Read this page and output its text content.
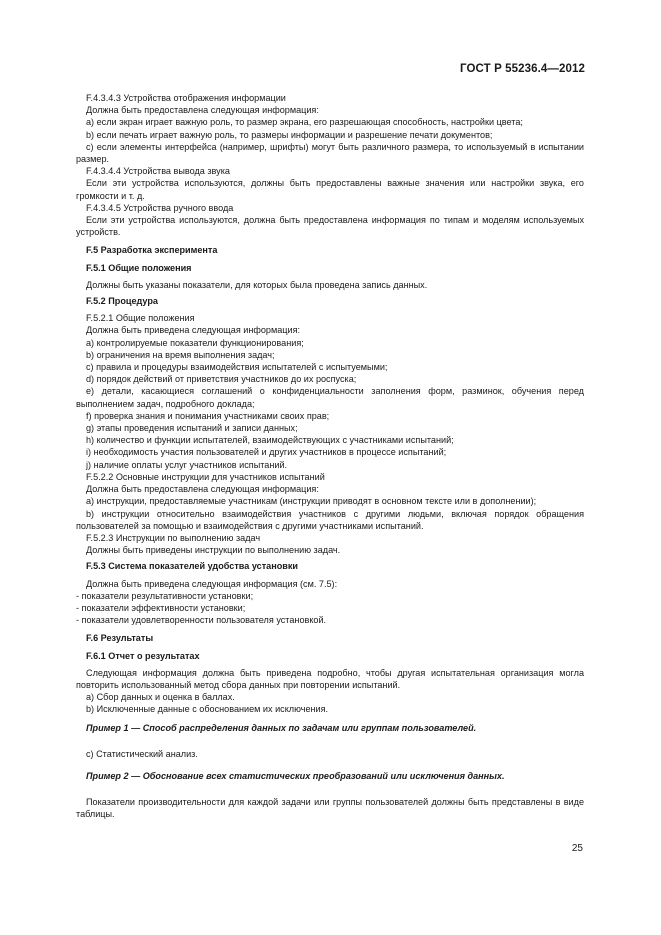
ГОСТ Р 55236.4—2012

F.4.3.4.3 Устройства отображения информации

Должна быть предоставлена следующая информация:

a) если экран играет важную роль, то размер экрана, его разрешающая способность, настройки цвета;

b) если печать играет важную роль, то размеры информации и разрешение печати документов;

c) если элементы интерфейса (например, шрифты) могут быть различного размера, то используемый в испытании размер.

F.4.3.4.4 Устройства вывода звука

Если эти устройства используются, должны быть предоставлены важные значения или настройки звука, его громкости и т. д.

F.4.3.4.5 Устройства ручного ввода

Если эти устройства используются, должна быть предоставлена информация по типам и моделям используемых устройств.

F.5 Разработка эксперимента

F.5.1 Общие положения

Должны быть указаны показатели, для которых была проведена запись данных.

F.5.2 Процедура

F.5.2.1 Общие положения

Должна быть приведена следующая информация:

a) контролируемые показатели функционирования;

b) ограничения на время выполнения задач;

c) правила и процедуры взаимодействия испытателей с испытуемыми;

d) порядок действий от приветствия участников до их роспуска;

e) детали, касающиеся соглашений о конфиденциальности заполнения форм, разминок, обучения перед выполнением задач, подробного доклада;

f) проверка знания и понимания участниками своих прав;

g) этапы проведения испытаний и записи данных;

h) количество и функции испытателей, взаимодействующих с участниками испытаний;

i) необходимость участия пользователей и других участников в процессе испытаний;

j) наличие оплаты услуг участников испытаний.

F.5.2.2 Основные инструкции для участников испытаний

Должна быть предоставлена следующая информация:

a) инструкции, предоставляемые участникам (инструкции приводят в основном тексте или в дополнении);

b) инструкции относительно взаимодействия участников с другими людьми, включая порядок обращения пользователей за помощью и взаимодействия с другими участниками испытаний.

F.5.2.3 Инструкции по выполнению задач

Должны быть приведены инструкции по выполнению задач.

F.5.3 Система показателей удобства установки

Должна быть приведена следующая информация (см. 7.5):

- показатели результативности установки;

- показатели эффективности установки;

- показатели удовлетворенности пользователя установкой.

F.6 Результаты

F.6.1 Отчет о результатах

Следующая информация должна быть приведена подробно, чтобы другая испытательная организация могла повторить использованный метод сбора данных при повторении испытаний.

a) Сбор данных и оценка в баллах.

b) Исключенные данные с обоснованием их исключения.

Пример 1 — Способ распределения данных по задачам или группам пользователей.

c) Статистический анализ.

Пример 2 — Обоснование всех статистических преобразований или исключения данных.

Показатели производительности для каждой задачи или группы пользователей должны быть представлены в виде таблицы.

25
